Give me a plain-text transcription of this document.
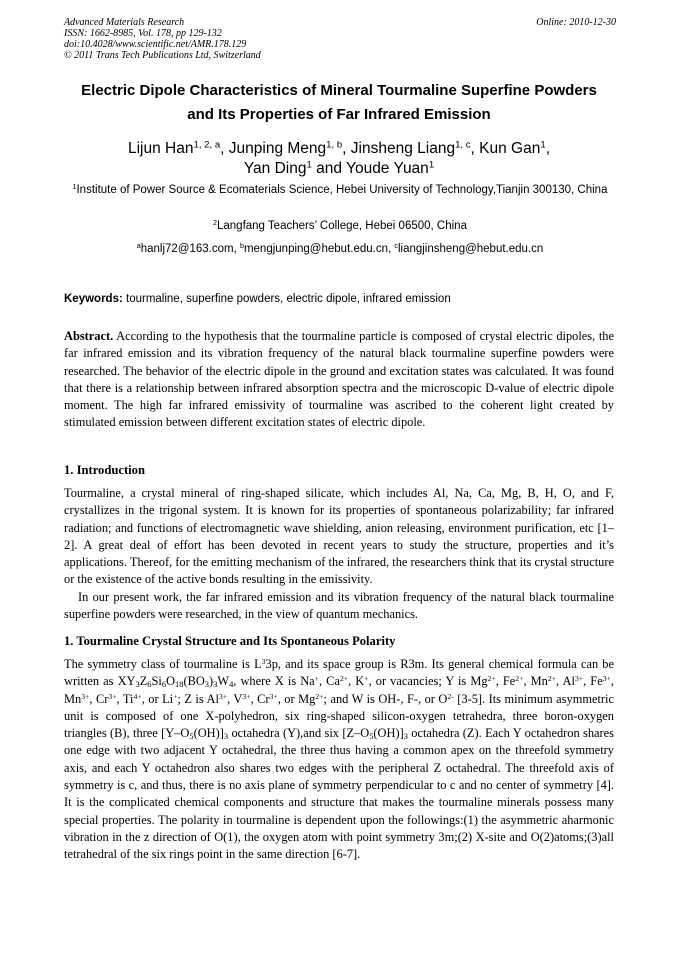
Advanced Materials Research
ISSN: 1662-8985, Vol. 178, pp 129-132
doi:10.4028/www.scientific.net/AMR.178.129
© 2011 Trans Tech Publications Ltd, Switzerland
Online: 2010-12-30
Electric Dipole Characteristics of Mineral Tourmaline Superfine Powders
and Its Properties of Far Infrared Emission
Lijun Han$^{1, 2, a}$, Junping Meng$^{1, b}$, Jinsheng Liang$^{1, c}$, Kun Gan$^1$,
Yan Ding$^1$ and Youde Yuan$^1$
$^1$Institute of Power Source & Ecomaterials Science, Hebei University of Technology,Tianjin 300130, China
$^2$Langfang Teachers’ College, Hebei 06500, China
$^a$hanlj72@163.com, $^b$mengjunping@hebut.edu.cn, $^c$liangjinsheng@hebut.edu.cn
Keywords: tourmaline, superfine powders, electric dipole, infrared emission

Abstract. According to the hypothesis that the tourmaline particle is composed of crystal electric dipoles, the far infrared emission and its vibration frequency of the natural black tourmaline superfine powders were researched. The behavior of the electric dipole in the ground and excitation states was calculated. It was found that there is a relationship between infrared absorption spectra and the microscopic D-value of electric dipole moment. The high far infrared emissivity of tourmaline was ascribed to the coherent light created by stimulated emission between different excitation states of electric dipole.

1. Introduction

Tourmaline, a crystal mineral of ring-shaped silicate, which includes Al, Na, Ca, Mg, B, H, O, and F, crystallizes in the trigonal system. It is known for its properties of spontaneous polarizability; far infrared radiation; and functions of electromagnetic wave shielding, anion releasing, environment purification, etc [1–2]. A great deal of effort has been devoted in recent years to study the structure, properties and it’s applications. Thereof, for the emitting mechanism of the infrared, the researchers think that its crystal structure or the existence of the active bonds resulting in the emissivity.

In our present work, the far infrared emission and its vibration frequency of the natural black tourmaline superfine powders were researched, in the view of quantum mechanics.

1. Tourmaline Crystal Structure and Its Spontaneous Polarity

The symmetry class of tourmaline is $L^33p$, and its space group is R3m. Its general chemical formula can be written as $XY_3Z_6Si_6O_{18}(BO_3)_3W_4$, where X is Na+, $Ca^{2+}$, K+, or vacancies; Y is $Mg^{2+}$, $Fe^{2+}$, $Mn^{2+}$, $Al^{3+}$, $Fe^{3+}$, $Mn^{3+}$, $Cr^{3+}$, $Ti^{4+}$, or Li+; Z is $Al^{3+}$, $V^{3+}$, $Cr^{3+}$, or $Mg^{2+}$; and W is OH-, F-, or $O^{2-}$ [3-5]. Its minimum asymmetric unit is composed of one X-polyhedron, six ring-shaped silicon-oxygen tetrahedra, three boron-oxygen triangles (B), three $[Y-O_5(OH)]_3$ octahedra (Y),and six $[Z-O_5(OH)]_3$ octahedra (Z). Each Y octahedron shares one edge with two adjacent Y octahedral, the three thus having a common apex on the threefold symmetry axis, and each Y octahedron also shares two edges with the peripheral Z octahedral. The threefold axis of symmetry is c, and thus, there is no axis plane of symmetry perpendicular to c and no center of symmetry [4]. It is the complicated chemical components and structure that makes the tourmaline minerals possess many special properties. The polarity in tourmaline is dependent upon the followings:(1) the asymmetric aharmonic vibration in the z direction of O(1), the oxygen atom with point symmetry 3m;(2) X-site and O(2)atoms;(3)all tetrahedral of the six rings point in the same direction [6-7].
